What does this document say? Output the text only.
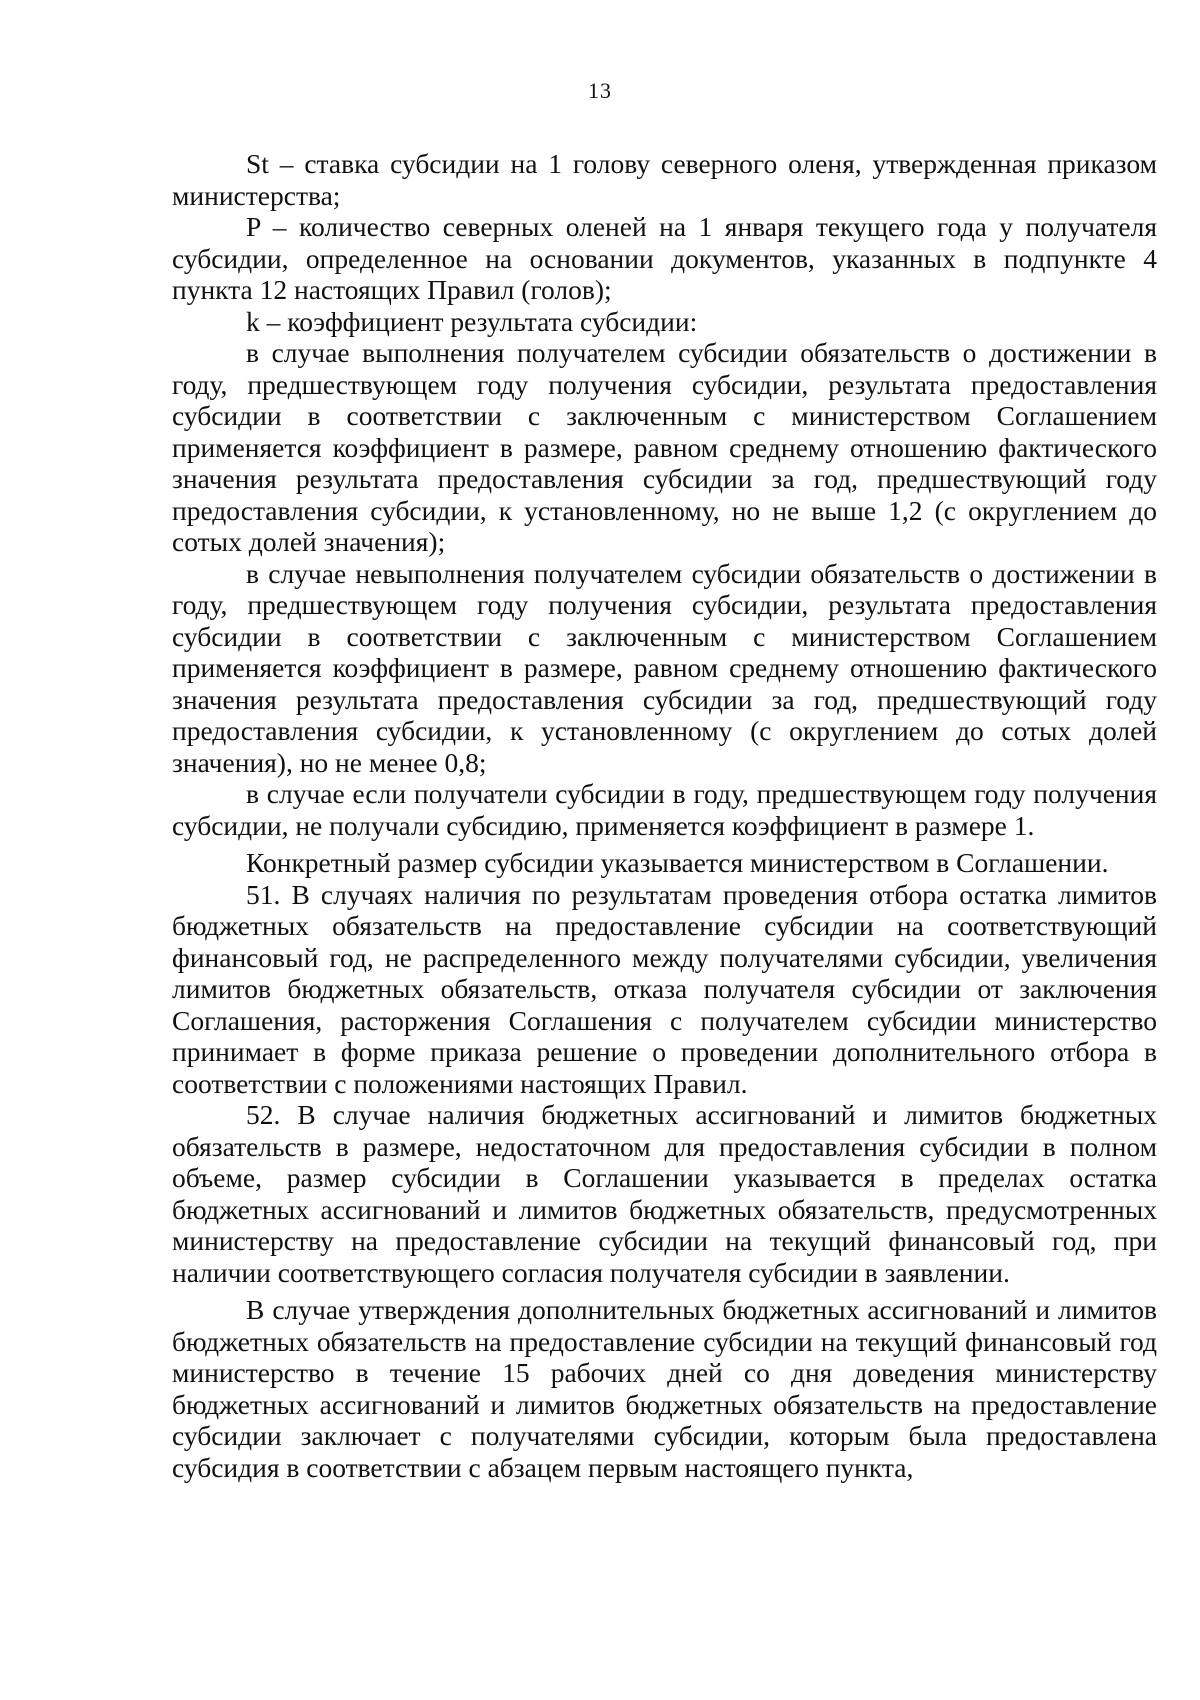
13

St – ставка субсидии на 1 голову северного оленя, утвержденная приказом министерства;

P – количество северных оленей на 1 января текущего года у получателя субсидии, определенное на основании документов, указанных в подпункте 4 пункта 12 настоящих Правил (голов);

k – коэффициент результата субсидии:

в случае выполнения получателем субсидии обязательств о достижении в году, предшествующем году получения субсидии, результата предоставления субсидии в соответствии с заключенным с министерством Соглашением применяется коэффициент в размере, равном среднему отношению фактического значения результата предоставления субсидии за год, предшествующий году предоставления субсидии, к установленному, но не выше 1,2 (с округлением до сотых долей значения);

в случае невыполнения получателем субсидии обязательств о достижении в году, предшествующем году получения субсидии, результата предоставления субсидии в соответствии с заключенным с министерством Соглашением применяется коэффициент в размере, равном среднему отношению фактического значения результата предоставления субсидии за год, предшествующий году предоставления субсидии, к установленному (с округлением до сотых долей значения), но не менее 0,8;

в случае если получатели субсидии в году, предшествующем году получения субсидии, не получали субсидию, применяется коэффициент в размере 1.

Конкретный размер субсидии указывается министерством в Соглашении.

51. В случаях наличия по результатам проведения отбора остатка лимитов бюджетных обязательств на предоставление субсидии на соответствующий финансовый год, не распределенного между получателями субсидии, увеличения лимитов бюджетных обязательств, отказа получателя субсидии от заключения Соглашения, расторжения Соглашения с получателем субсидии министерство принимает в форме приказа решение о проведении дополнительного отбора в соответствии с положениями настоящих Правил.

52. В случае наличия бюджетных ассигнований и лимитов бюджетных обязательств в размере, недостаточном для предоставления субсидии в полном объеме, размер субсидии в Соглашении указывается в пределах остатка бюджетных ассигнований и лимитов бюджетных обязательств, предусмотренных министерству на предоставление субсидии на текущий финансовый год, при наличии соответствующего согласия получателя субсидии в заявлении.

В случае утверждения дополнительных бюджетных ассигнований и лимитов бюджетных обязательств на предоставление субсидии на текущий финансовый год министерство в течение 15 рабочих дней со дня доведения министерству бюджетных ассигнований и лимитов бюджетных обязательств на предоставление субсидии заключает с получателями субсидии, которым была предоставлена субсидия в соответствии с абзацем первым настоящего пункта,
